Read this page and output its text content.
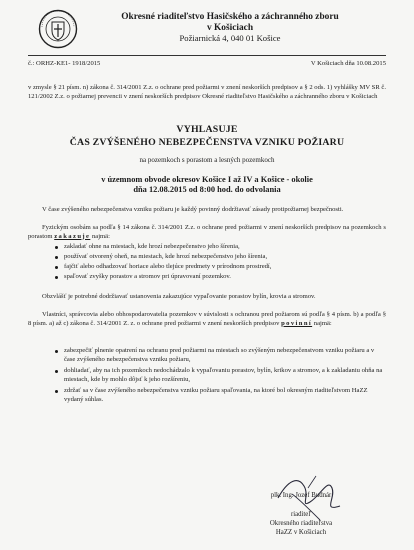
Okresné riaditeľstvo Hasičského a záchranného zboru
v Košiciach
Požiarnická 4, 040 01 Košice
č.: ORHZ-KE1- 1918/2015	V Košiciach dňa 10.08.2015
v zmysle § 21 písm. n) zákona č. 314/2001 Z.z. o ochrane pred požiarmi v znení neskorších predpisov a § 2 ods. 1) vyhlášky MV SR č. 121/2002 Z.z. o požiarnej prevencii v znení neskorších predpisov Okresné riaditeľstvo Hasičského a záchranného zboru v Košiciach
VYHLASUJE
ČAS ZVÝŠENÉHO NEBEZPEČENSTVA VZNIKU POŽIARU
na pozemkoch s porastom a lesných pozemkoch
v územnom obvode okresov Košice I až IV a Košice - okolie
dňa 12.08.2015 od 8:00 hod. do odvolania
V čase zvýšeného nebezpečenstva vzniku požiaru je každý povinný dodržiavať zásady protipožiarnej bezpečnosti.
Fyzickým osobám sa podľa § 14 zákona č. 314/2001 Z.z. o ochrane pred požiarmi v znení neskorších predpisov na pozemkoch s porastom zakazuje najmä:
zakladať ohne na miestach, kde hrozí nebezpečenstvo jeho šírenia,
používať otvorený oheň, na miestach, kde hrozí nebezpečenstvo jeho šírenia,
fajčiť alebo odhadzovať horiace alebo tlejúce predmety v prírodnom prostredí,
spaľovať zvyšky porastov a stromov pri úpravovaní pozemkov.
Obzvlášť je potrebné dodržiavať ustanovenia zakazujúce vypaľovanie porastov bylín, krovia a stromov.
Vlastníci, správcovia alebo obhospodarovatelia pozemkov v súvislosti s ochranou pred požiarom sú podľa § 4 písm. b) a podľa § 8 písm. a) až c) zákona č. 314/2001 Z. z. o ochrane pred požiarmi v znení neskorších predpisov povinní najmä:
zabezpečiť plnenie opatrení na ochranu pred požiarmi na miestach so zvýšeným nebezpečenstvom vzniku požiaru a v čase zvýšeného nebezpečenstva vzniku požiaru,
dohliadať, aby na ich pozemkoch nedochádzalo k vypaľovaniu porastov, bylín, krikov a stromov, a k zakladaniu ohňa na miestach, kde by mohlo dôjsť k jeho rozšíreniu,
zdržať sa v čase zvýšeného nebezpečenstva vzniku požiaru spaľovania, na ktoré bol okresným riaditeľstvom HaZZ vydaný súhlas.
plk. Ing. Jozef Budnár
riaditeľ
Okresného riaditeľstva
HaZZ v Košiciach
